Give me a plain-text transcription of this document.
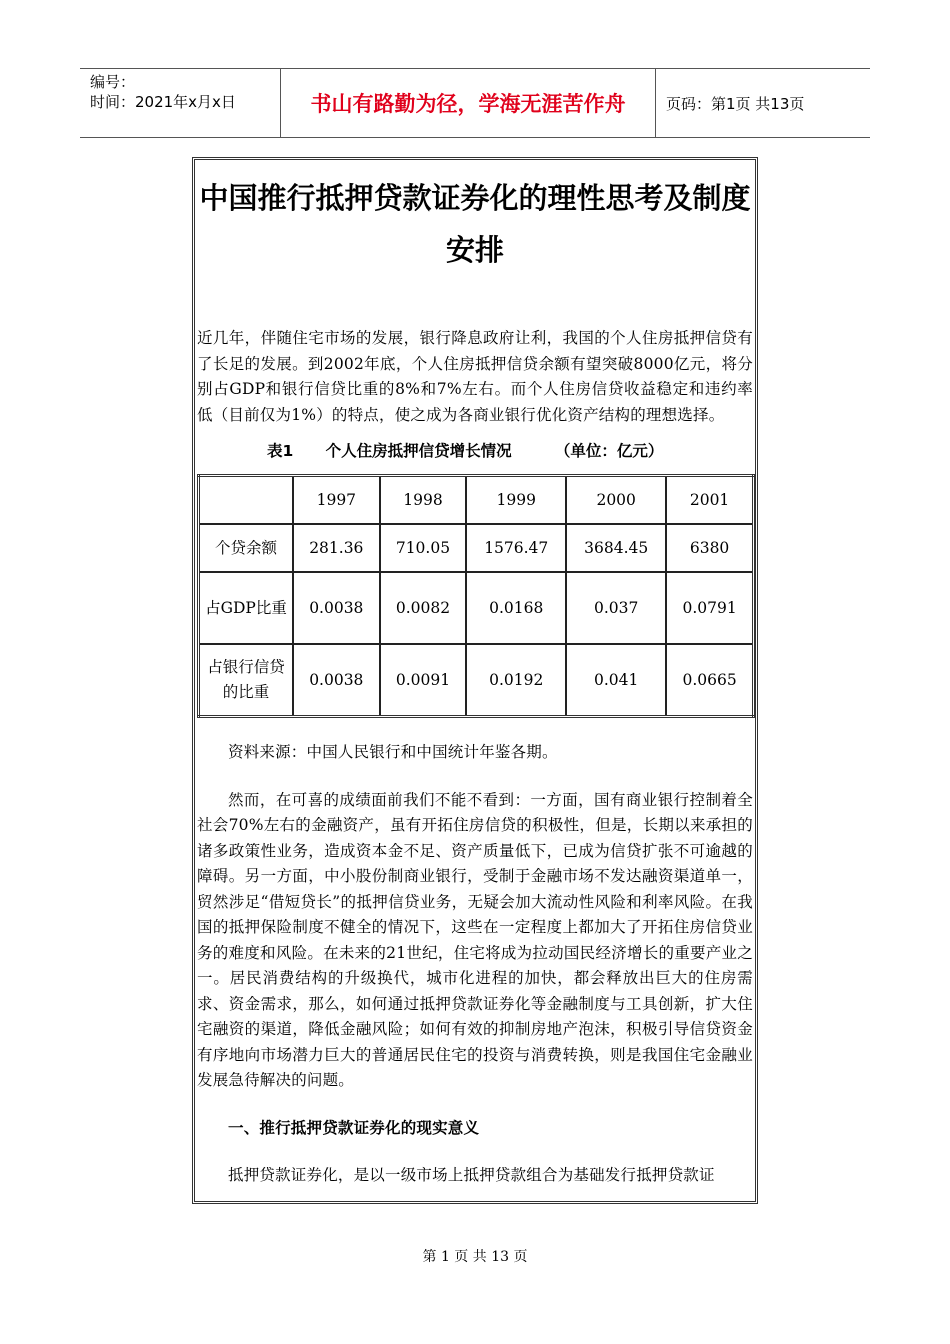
编号：
时间：2021年x月x日	书山有路勤为径，学海无涯苦作舟	页码：第1页 共13页
中国推行抵押贷款证券化的理性思考及制度安排
近几年，伴随住宅市场的发展，银行降息政府让利，我国的个人住房抵押信贷有了长足的发展。到2002年底，个人住房抵押信贷余额有望突破8000亿元，将分别占GDP和银行信贷比重的8%和7%左右。而个人住房信贷收益稳定和违约率低（目前仅为1%）的特点，使之成为各商业银行优化资产结构的理想选择。
表1      个人住房抵押信贷增长情况        （单位：亿元）
	1997	1998	1999	2000	2001
个贷余额	281.36	710.05	1576.47	3684.45	6380
占GDP比重	0.0038	0.0082	0.0168	0.037	0.0791
占银行信贷的比重	0.0038	0.0091	0.0192	0.041	0.0665
资料来源：中国人民银行和中国统计年鉴各期。
然而，在可喜的成绩面前我们不能不看到：一方面，国有商业银行控制着全社会70%左右的金融资产，虽有开拓住房信贷的积极性，但是，长期以来承担的诸多政策性业务，造成资本金不足、资产质量低下，已成为信贷扩张不可逾越的障碍。另一方面，中小股份制商业银行，受制于金融市场不发达融资渠道单一，贸然涉足“借短贷长”的抵押信贷业务，无疑会加大流动性风险和利率风险。在我国的抵押保险制度不健全的情况下，这些在一定程度上都加大了开拓住房信贷业务的难度和风险。在未来的21世纪，住宅将成为拉动国民经济增长的重要产业之一。居民消费结构的升级换代，城市化进程的加快，都会释放出巨大的住房需求、资金需求，那么，如何通过抵押贷款证券化等金融制度与工具创新，扩大住宅融资的渠道，降低金融风险；如何有效的抑制房地产泡沫，积极引导信贷资金有序地向市场潜力巨大的普通居民住宅的投资与消费转换，则是我国住宅金融业发展急待解决的问题。
一、推行抵押贷款证券化的现实意义
抵押贷款证券化，是以一级市场上抵押贷款组合为基础发行抵押贷款证
第 1 页 共 13 页
